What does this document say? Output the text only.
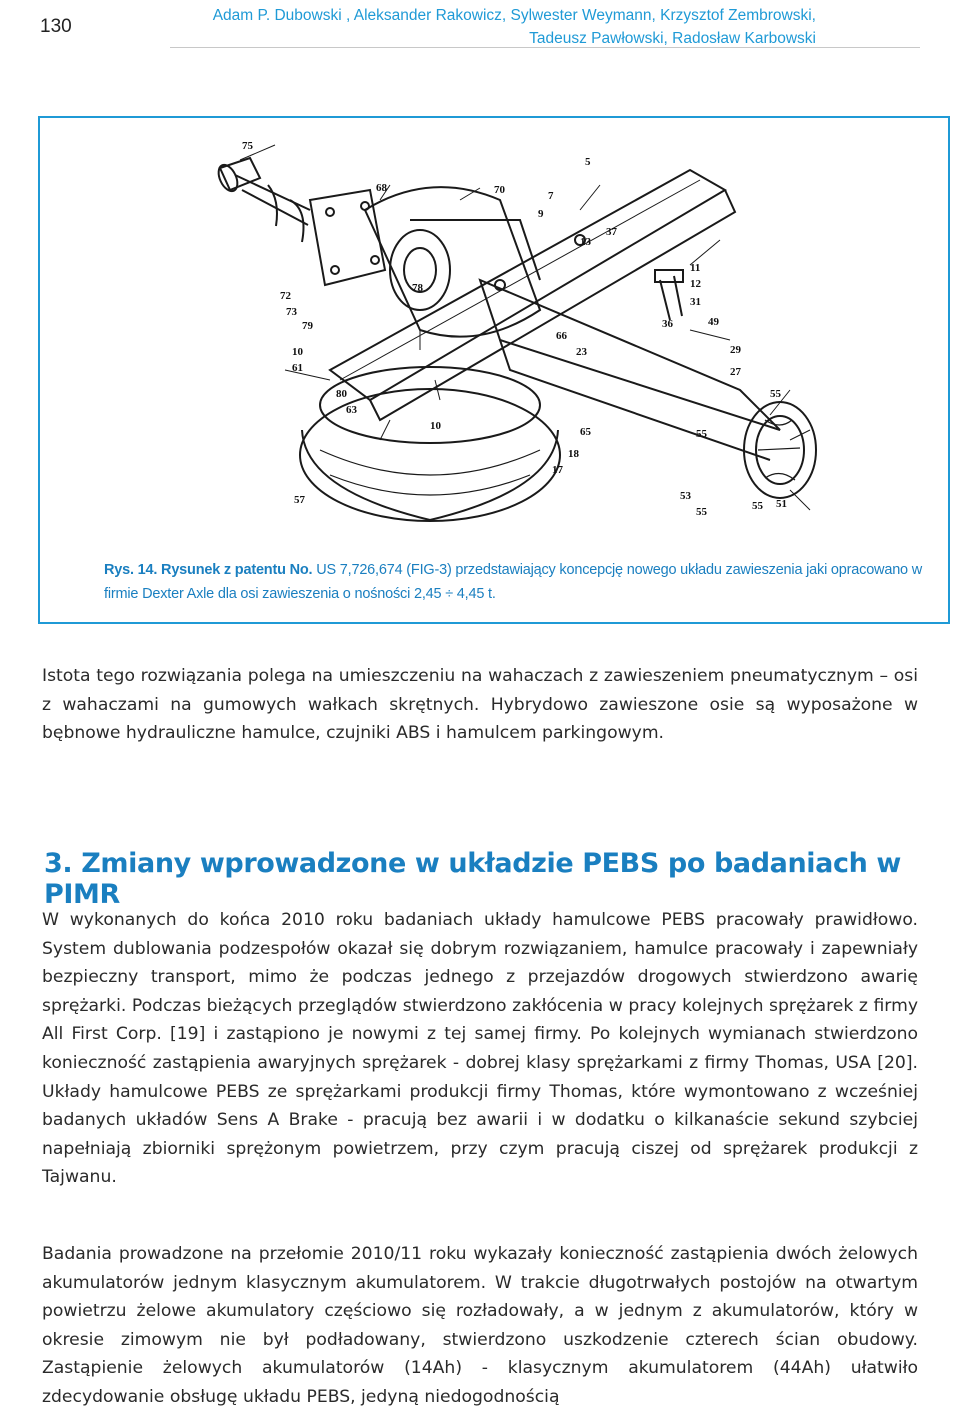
130
Adam P. Dubowski , Aleksander Rakowicz, Sylwester Weymann, Krzysztof Zembrowski,
Tadeusz Pawłowski, Radosław Karbowski
75
5
68	70	7
9
13
37
11
12
31
36	49
29
27
55
55
65
18
17
53
55	55 51
57
10
80
63
23
66
10
61
72
73
79
78
Rys. 14. Rysunek z patentu No. US 7,726,674 (FIG-3) przedstawiający koncepcję nowego układu zawieszenia jaki opracowano w firmie Dexter Axle dla osi zawieszenia o nośności 2,45 ÷ 4,45 t.
Istota tego rozwiązania polega na umieszczeniu na wahaczach z zawieszeniem pneumatycznym – osi z wahaczami na gumowych wałkach skrętnych. Hybrydowo zawieszone osie są wyposażone w bębnowe hydrauliczne hamulce, czujniki ABS i hamulcem parkingowym.
3. Zmiany wprowadzone w układzie PEBS po badaniach w PIMR
W wykonanych do końca 2010 roku badaniach układy hamulcowe PEBS pracowały prawidłowo. System dublowania podzespołów okazał się dobrym rozwiązaniem, hamulce pracowały i zapewniały bezpieczny transport, mimo że podczas jednego z przejazdów drogowych stwierdzono awarię sprężarki. Podczas bieżących przeglądów stwierdzono zakłócenia w pracy kolejnych sprężarek z firmy All First Corp. [19] i zastąpiono je nowymi z tej samej firmy. Po kolejnych wymianach stwierdzono konieczność zastąpienia awaryjnych sprężarek - dobrej klasy sprężarkami z firmy Thomas, USA [20]. Układy hamulcowe PEBS ze sprężarkami produkcji firmy Thomas, które wymontowano z wcześniej badanych układów Sens A Brake - pracują bez awarii i w dodatku o kilkanaście sekund szybciej napełniają zbiorniki sprężonym powietrzem, przy czym pracują ciszej od sprężarek produkcji z Tajwanu.
Badania prowadzone na przełomie 2010/11 roku wykazały konieczność zastąpienia dwóch żelowych akumulatorów jednym klasycznym akumulatorem. W trakcie długotrwałych postojów na otwartym powietrzu żelowe akumulatory częściowo się rozładowały, a w jednym z akumulatorów, który w okresie zimowym nie był podładowany, stwierdzono uszkodzenie czterech ścian obudowy. Zastąpienie żelowych akumulatorów (14Ah) - klasycznym akumulatorem (44Ah) ułatwiło zdecydowanie obsługę układu PEBS, jedyną niedogodnością
